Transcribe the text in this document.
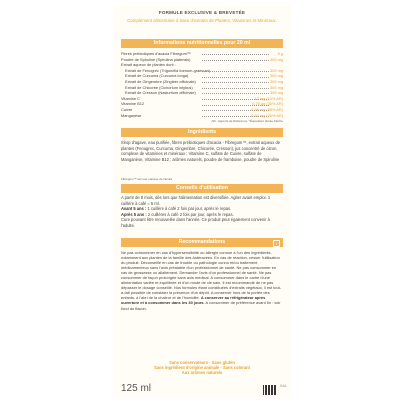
FORMULE EXCLUSIVE & BREVETÉE
Complément alimentaire à base d'extraits de Plantes, Vitamines et Minéraux.
Informations nutritionnelles pour 20 ml
Fibres prébiotiques d'acacia Fibregum™	5 g
Poudre de Spiruline (Spirulina platensis)	305 mg
Extrait aqueux de plantes dont :
Extrait de Fenugrec (Trigonella foenum-graecum)	305 mg
Extrait de Curcuma (Curcuma longa)	305 mg
Extrait de Gingembre (Zingiber officinale)	305 mg
Extrait de Chicorée (Cichorium intybus)	305 mg
Extrait de Cresson (Nasturtium officinale)	305 mg
Vitamine C	12 mg (15% AR)
Vitamine B12	0,75 µg (30% AR)
Cuivre	0,38 mg (38% AR)
Manganèse	0,52 mg (26% AR)
AR : Apports de Référence. *Équivalent plante fraîche
Ingrédients
Sirop d'agave, eau purifiée, fibres prébiotiques d'acacia - Fibregum™, extrait aqueux de plantes (Fenugrec, Curcuma, Gingembre, Chicorée, Cresson), jus concentré de citron, complexe de vitamines et minéraux : Vitamine C, sulfate de Cuivre, sulfate de Manganèse, Vitamine B12 ; arômes naturels, poudre de framboise, poudre de Spiruline
Fibregum™ est une marque de Nexira
Conseils d'utilisation
A partir de 8 mois, dès lors que l'alimentation est diversifiée. Agiter avant emploi. 1 cuillère à café = 5 ml.
Avant 5 ans : 1 cuillère à café 2 fois par jour, après le repas.
Après 5 ans : 2 cuillères à café 2 fois par jour, après le repas.
Cure pouvant être renouvelée dans l'année. Ce produit peut également convenir à l'adulte.
Recommandations	!
Ne pas consommer en cas d'hypersensibilité ou allergie connue à l'un des ingrédients, notamment aux plantes de la famille des Astéracées. En cas de réaction, cesser l'utilisation du produit. Déconseillé en cas de trouble ou pathologie connu et/ou traitement médicamenteux sans l'avis préalable d'un professionnel de santé. Ne pas consommer en cas de grossesse ou allaitement. Demander l'avis d'un professionnel de santé. Ne pas consommer de façon prolongée sans avis médical. A consommer dans le cadre d'une alimentation variée et équilibrée et d'un mode de vie sain. Il est recommandé de ne pas dépasser le dosage conseillé. Nos formules étant constituées d'extraits végétaux, il est tout-à-fait possible de constater la présence d'un dépôt. A conserver hors de la portée des enfants, à l'abri de la chaleur et de l'humidité. A conserver au réfrigérateur après ouverture et à consommer dans les 30 jours. A consommer de préférence avant fin : voir fond du flacon.
Sans conservateurs - Sans gluten
Sans ingrédient d'origine animale - Sans colorant
Aux arômes naturels
125 ml	INA
